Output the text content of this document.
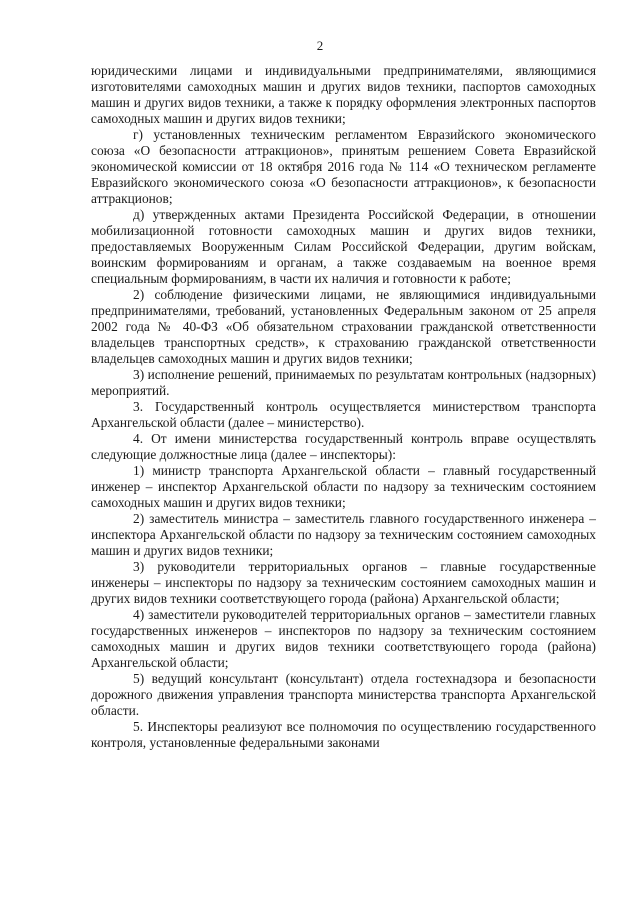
2

юридическими лицами и индивидуальными предпринимателями, являющимися изготовителями самоходных машин и других видов техники, паспортов самоходных машин и других видов техники, а также к порядку оформления электронных паспортов самоходных машин и других видов техники;

г) установленных техническим регламентом Евразийского экономического союза «О безопасности аттракционов», принятым решением Совета Евразийской экономической комиссии от 18 октября 2016 года № 114 «О техническом регламенте Евразийского экономического союза «О безопасности аттракционов», к безопасности аттракционов;

д) утвержденных актами Президента Российской Федерации, в отношении мобилизационной готовности самоходных машин и других видов техники, предоставляемых Вооруженным Силам Российской Федерации, другим войскам, воинским формированиям и органам, а также создаваемым на военное время специальным формированиям, в части их наличия и готовности к работе;

2) соблюдение физическими лицами, не являющимися индивидуальными предпринимателями, требований, установленных Федеральным законом от 25 апреля 2002 года № 40-ФЗ «Об обязательном страховании гражданской ответственности владельцев транспортных средств», к страхованию гражданской ответственности владельцев самоходных машин и других видов техники;

3) исполнение решений, принимаемых по результатам контрольных (надзорных) мероприятий.

3. Государственный контроль осуществляется министерством транспорта Архангельской области (далее – министерство).

4. От имени министерства государственный контроль вправе осуществлять следующие должностные лица (далее – инспекторы):

1) министр транспорта Архангельской области – главный государственный инженер – инспектор Архангельской области по надзору за техническим состоянием самоходных машин и других видов техники;

2) заместитель министра – заместитель главного государственного инженера – инспектора Архангельской области по надзору за техническим состоянием самоходных машин и других видов техники;

3) руководители территориальных органов – главные государственные инженеры – инспекторы по надзору за техническим состоянием самоходных машин и других видов техники соответствующего города (района) Архангельской области;

4) заместители руководителей территориальных органов – заместители главных государственных инженеров – инспекторов по надзору за техническим состоянием самоходных машин и других видов техники соответствующего города (района) Архангельской области;

5) ведущий консультант (консультант) отдела гостехнадзора и безопасности дорожного движения управления транспорта министерства транспорта Архангельской области.

5. Инспекторы реализуют все полномочия по осуществлению государственного контроля, установленные федеральными законами
